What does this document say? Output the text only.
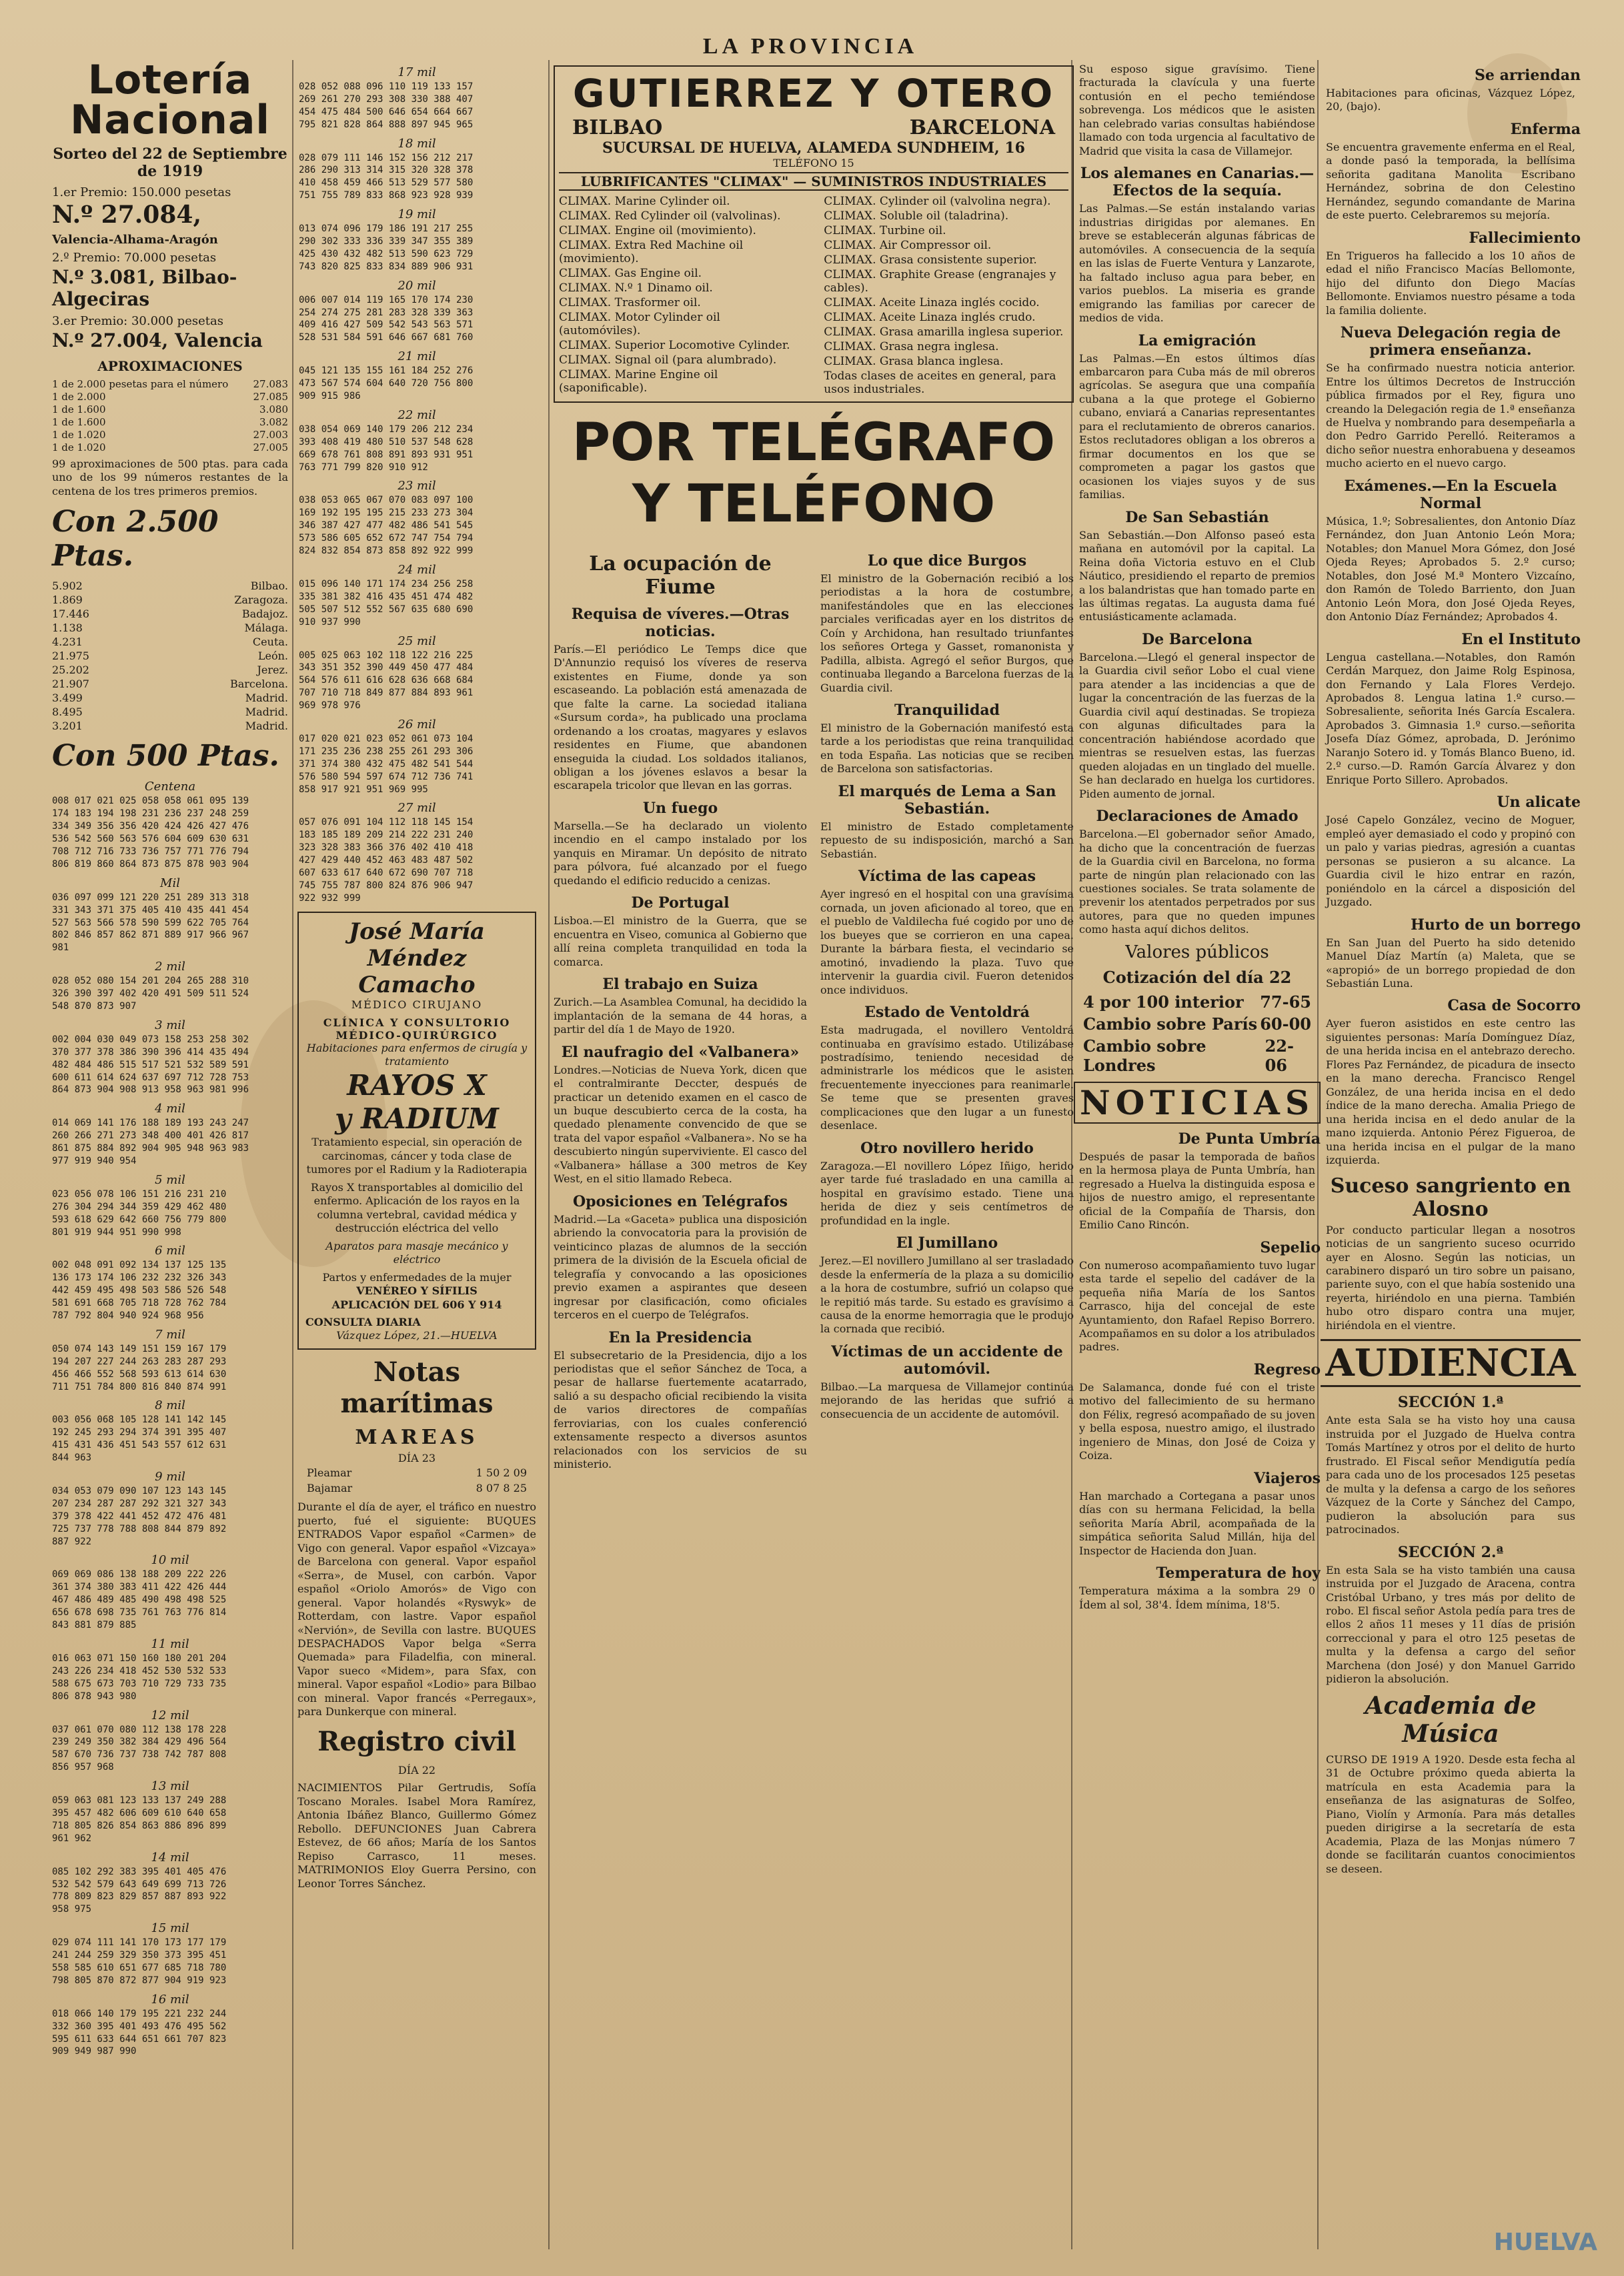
LA PROVINCIA
Lotería Nacional
Sorteo del 22 de Septiembre de 1919
1.er Premio: 150.000 pesetas
N.º 27.084,
Valencia-Alhama-Aragón
2.º Premio: 70.000 pesetas
N.º 3.081, Bilbao-Algeciras
3.er Premio: 30.000 pesetas
N.º 27.004, Valencia
APROXIMACIONES
1 de 2.000 pesetas para el número 27.083
1 de 2.000	27.085
1 de 1.600	3.080
1 de 1.600	3.082
1 de 1.020	27.003
1 de 1.020	27.005
99 aproximaciones de 500 ptas. para cada uno de los 99 números restantes de la centena de los tres primeros premios.
Con 2.500 Ptas.
5.902	Bilbao.
1.869	Zaragoza.
17.446	Badajoz.
1.138	Málaga.
4.231	Ceuta.
21.975	León.
25.202	Jerez.
21.907	Barcelona.
3.499	Madrid.
8.495	Madrid.
3.201	Madrid.
Con 500 Ptas.
Centena
008 017 021 025 058 058 061 095 139
174 183 194 198 231 236 237 248 259
334 349 356 356 420 424 426 427 476
536 542 560 563 576 604 609 630 631
708 712 716 733 736 757 771 776 794
806 819 860 864 873 875 878 903 904
Mil
036 097 099 121 220 251 289 313 318
331 343 371 375 405 410 435 441 454
527 563 566 578 590 599 622 705 764
802 846 857 862 871 889 917 966 967
981
2 mil
028 052 080 154 201 204 265 288 310
326 390 397 402 420 491 509 511 524
548 870 873 907
3 mil
002 004 030 049 073 158 253 258 302
370 377 378 386 390 396 414 435 494
482 484 486 515 517 521 532 589 591
600 611 614 624 637 697 712 728 753
864 873 904 908 913 958 963 981 996
4 mil
014 069 141 176 188 189 193 243 247
260 266 271 273 348 400 401 426 817
861 875 884 892 904 905 948 963 983
977 919 940 954
5 mil
023 056 078 106 151 216 231 210
276 304 294 344 359 429 462 480
593 618 629 642 660 756 779 800
801 919 944 951 990 998
6 mil
002 048 091 092 134 137 125 135
136 173 174 106 232 232 326 343
442 459 495 498 503 586 526 548
581 691 668 705 718 728 762 784
787 792 804 940 924 968 956
7 mil
050 074 143 149 151 159 167 179
194 207 227 244 263 283 287 293
456 466 552 568 593 613 614 630
711 751 784 800 816 840 874 991
8 mil
003 056 068 105 128 141 142 145
192 245 293 294 374 391 395 407
415 431 436 451 543 557 612 631
844 963
9 mil
034 053 079 090 107 123 143 145
207 234 287 287 292 321 327 343
379 378 422 441 452 472 476 481
725 737 778 788 808 844 879 892
887 922
10 mil
069 069 086 138 188 209 222 226
361 374 380 383 411 422 426 444
467 486 489 485 490 498 498 525
656 678 698 735 761 763 776 814
843 881 879 885
11 mil
016 063 071 150 160 180 201 204
243 226 234 418 452 530 532 533
588 675 673 703 710 729 733 735
806 878 943 980
12 mil
037 061 070 080 112 138 178 228
239 249 350 382 384 429 496 564
587 670 736 737 738 742 787 808
856 957 968
13 mil
059 063 081 123 133 137 249 288
395 457 482 606 609 610 640 658
718 805 826 854 863 886 896 899
961 962
14 mil
085 102 292 383 395 401 405 476
532 542 579 643 649 699 713 726
778 809 823 829 857 887 893 922
958 975
15 mil
029 074 111 141 170 173 177 179
241 244 259 329 350 373 395 451
558 585 610 651 677 685 718 780
798 805 870 872 877 904 919 923
16 mil
018 066 140 179 195 221 232 244
332 360 395 401 493 476 495 562
595 611 633 644 651 661 707 823
909 949 987 990
17 mil
028 052 088 096 110 119 133 157
269 261 270 293 308 330 388 407
454 475 484 500 646 654 664 667
795 821 828 864 888 897 945 965
18 mil
028 079 111 146 152 156 212 217
286 290 313 314 315 320 328 378
410 458 459 466 513 529 577 580
751 755 789 833 868 923 928 939
19 mil
013 074 096 179 186 191 217 255
290 302 333 336 339 347 355 389
425 430 432 482 513 590 623 729
743 820 825 833 834 889 906 931
20 mil
006 007 014 119 165 170 174 230
254 274 275 281 283 328 339 363
409 416 427 509 542 543 563 571
528 531 584 591 646 667 681 760
21 mil
045 121 135 155 161 184 252 276
473 567 574 604 640 720 756 800
909 915 986
22 mil
038 054 069 140 179 206 212 234
393 408 419 480 510 537 548 628
669 678 761 808 891 893 931 951
763 771 799 820 910 912
23 mil
038 053 065 067 070 083 097 100
169 192 195 195 215 233 273 304
346 387 427 477 482 486 541 545
573 586 605 652 672 747 754 794
824 832 854 873 858 892 922 999
24 mil
015 096 140 171 174 234 256 258
335 381 382 416 435 451 474 482
505 507 512 552 567 635 680 690
910 937 990
25 mil
005 025 063 102 118 122 216 225
343 351 352 390 449 450 477 484
564 576 611 616 628 636 668 684
707 710 718 849 877 884 893 961
969 978 976
26 mil
017 020 021 023 052 061 073 104
171 235 236 238 255 261 293 306
371 374 380 432 475 482 541 544
576 580 594 597 674 712 736 741
858 917 921 951 969 995
27 mil
057 076 091 104 112 118 145 154
183 185 189 209 214 222 231 240
323 328 383 366 376 402 410 418
427 429 440 452 463 483 487 502
607 633 617 640 672 690 707 718
745 755 787 800 824 876 906 947
922 932 999
José María Méndez Camacho
MÉDICO CIRUJANO
CLÍNICA Y CONSULTORIO MÉDICO-QUIRÚRGICO
Habitaciones para enfermos de cirugía y tratamiento
RAYOS X
y RADIUM
Tratamiento especial, sin operación de carcinomas, cáncer y toda clase de tumores por el Radium y la Radioterapia
Rayos X transportables al domicilio del enfermo. Aplicación de los rayos en la columna vertebral, cavidad médica y destrucción eléctrica del vello
Aparatos para masaje mecánico y eléctrico
Partos y enfermedades de la mujer
VENÉREO Y SÍFILIS
APLICACIÓN DEL 606 Y 914
CONSULTA DIARIA
Vázquez López, 21.—HUELVA
Notas marítimas
MAREAS
DÍA 23
Pleamar	1 50 2 09
Bajamar	8 07 8 25
Durante el día de ayer, el tráfico en nuestro puerto, fué el siguiente: BUQUES ENTRADOS Vapor español «Carmen» de Vigo con general. Vapor español «Vizcaya» de Barcelona con general. Vapor español «Serra», de Musel, con carbón. Vapor español «Oriolo Amorós» de Vigo con general. Vapor holandés «Ryswyk» de Rotterdam, con lastre. Vapor español «Nervión», de Sevilla con lastre. BUQUES DESPACHADOS Vapor belga «Serra Quemada» para Filadelfia, con mineral. Vapor sueco «Midem», para Sfax, con mineral. Vapor español «Lodio» para Bilbao con mineral. Vapor francés «Perregaux», para Dunkerque con mineral.
Registro civil
DÍA 22
NACIMIENTOS Pilar Gertrudis, Sofía Toscano Morales. Isabel Mora Ramírez, Antonia Ibáñez Blanco, Guillermo Gómez Rebollo. DEFUNCIONES Juan Cabrera Estevez, de 66 años; María de los Santos Repiso Carrasco, 11 meses. MATRIMONIOS Eloy Guerra Persino, con Leonor Torres Sánchez.
GUTIERREZ Y OTERO
BILBAO	BARCELONA
SUCURSAL DE HUELVA, ALAMEDA SUNDHEIM, 16
TELÉFONO 15
LUBRIFICANTES "CLIMAX" — SUMINISTROS INDUSTRIALES
CLIMAX. Marine Cylinder oil.
CLIMAX. Red Cylinder oil (valvolinas).
CLIMAX. Engine oil (movimiento).
CLIMAX. Extra Red Machine oil (movimiento).
CLIMAX. Gas Engine oil.
CLIMAX. N.º 1 Dinamo oil.
CLIMAX. Trasformer oil.
CLIMAX. Motor Cylinder oil (automóviles).
CLIMAX. Superior Locomotive Cylinder.
CLIMAX. Signal oil (para alumbrado).
CLIMAX. Marine Engine oil (saponificable).
CLIMAX. Cylinder oil (valvolina negra).
CLIMAX. Soluble oil (taladrina).
CLIMAX. Turbine oil.
CLIMAX. Air Compressor oil.
CLIMAX. Grasa consistente superior.
CLIMAX. Graphite Grease (engranajes y cables).
CLIMAX. Aceite Linaza inglés cocido.
CLIMAX. Aceite Linaza inglés crudo.
CLIMAX. Grasa amarilla inglesa superior.
CLIMAX. Grasa negra inglesa.
CLIMAX. Grasa blanca inglesa.
Todas clases de aceites en general, para usos industriales.
POR TELÉGRAFO
Y TELÉFONO
La ocupación de Fiume
Requisa de víveres.—Otras noticias.
París.—El periódico Le Temps dice que D'Annunzio requisó los víveres de reserva existentes en Fiume, donde ya son escaseando. La población está amenazada de que falte la carne. La sociedad italiana «Sursum corda», ha publicado una proclama ordenando a los croatas, magyares y eslavos residentes en Fiume, que abandonen enseguida la ciudad. Los soldados italianos, obligan a los jóvenes eslavos a besar la escarapela tricolor que llevan en las gorras.
Un fuego
Marsella.—Se ha declarado un violento incendio en el campo instalado por los yanquis en Miramar. Un depósito de nitrato para pólvora, fué alcanzado por el fuego quedando el edificio reducido a cenizas.
De Portugal
Lisboa.—El ministro de la Guerra, que se encuentra en Viseo, comunica al Gobierno que allí reina completa tranquilidad en toda la comarca.
El trabajo en Suiza
Zurich.—La Asamblea Comunal, ha decidido la implantación de la semana de 44 horas, a partir del día 1 de Mayo de 1920.
El naufragio del «Valbanera»
Londres.—Noticias de Nueva York, dicen que el contralmirante Deccter, después de practicar un detenido examen en el casco de un buque descubierto cerca de la costa, ha quedado plenamente convencido de que se trata del vapor español «Valbanera». No se ha descubierto ningún superviviente. El casco del «Valbanera» hállase a 300 metros de Key West, en el sitio llamado Rebeca.
Oposiciones en Telégrafos
Madrid.—La «Gaceta» publica una disposición abriendo la convocatoria para la provisión de veinticinco plazas de alumnos de la sección primera de la división de la Escuela oficial de telegrafía y convocando a las oposiciones previo examen a aspirantes que deseen ingresar por clasificación, como oficiales terceros en el cuerpo de Telégrafos.
En la Presidencia
El subsecretario de la Presidencia, dijo a los periodistas que el señor Sánchez de Toca, a pesar de hallarse fuertemente acatarrado, salió a su despacho oficial recibiendo la visita de varios directores de compañías ferroviarias, con los cuales conferenció extensamente respecto a diversos asuntos relacionados con los servicios de su ministerio.
Lo que dice Burgos
El ministro de la Gobernación recibió a los periodistas a la hora de costumbre, manifestándoles que en las elecciones parciales verificadas ayer en los distritos de Coín y Archidona, han resultado triunfantes los señores Ortega y Gasset, romanonista y Padilla, albista. Agregó el señor Burgos, que continuaba llegando a Barcelona fuerzas de la Guardia civil.
Tranquilidad
El ministro de la Gobernación manifestó esta tarde a los periodistas que reina tranquilidad en toda España. Las noticias que se reciben de Barcelona son satisfactorias.
El marqués de Lema a San Sebastián.
El ministro de Estado completamente repuesto de su indisposición, marchó a San Sebastián.
Víctima de las capeas
Ayer ingresó en el hospital con una gravísima cornada, un joven aficionado al toreo, que en el pueblo de Valdilecha fué cogido por uno de los bueyes que se corrieron en una capea. Durante la bárbara fiesta, el vecindario se amotinó, invadiendo la plaza. Tuvo que intervenir la guardia civil. Fueron detenidos once individuos.
Estado de Ventoldrá
Esta madrugada, el novillero Ventoldrá continuaba en gravísimo estado. Utilizábase postradísimo, teniendo necesidad de administrarle los médicos que le asisten frecuentemente inyecciones para reanimarle. Se teme que se presenten graves complicaciones que den lugar a un funesto desenlace.
Otro novillero herido
Zaragoza.—El novillero López Iñigo, herido ayer tarde fué trasladado en una camilla al hospital en gravísimo estado. Tiene una herida de diez y seis centímetros de profundidad en la ingle.
El Jumillano
Jerez.—El novillero Jumillano al ser trasladado desde la enfermería de la plaza a su domicilio a la hora de costumbre, sufrió un colapso que le repitió más tarde. Su estado es gravísimo a causa de la enorme hemorragia que le produjo la cornada que recibió.
Víctimas de un accidente de automóvil.
Bilbao.—La marquesa de Villamejor continúa mejorando de las heridas que sufrió a consecuencia de un accidente de automóvil.
Su esposo sigue gravísimo. Tiene fracturada la clavícula y una fuerte contusión en el pecho temiéndose sobrevenga. Los médicos que le asisten han celebrado varias consultas habiéndose llamado con toda urgencia al facultativo de Madrid que visita la casa de Villamejor.
Los alemanes en Canarias.—Efectos de la sequía.
Las Palmas.—Se están instalando varias industrias dirigidas por alemanes. En breve se establecerán algunas fábricas de automóviles. A consecuencia de la sequía en las islas de Fuerte Ventura y Lanzarote, ha faltado incluso agua para beber, en varios pueblos. La miseria es grande emigrando las familias por carecer de medios de vida.
La emigración
Las Palmas.—En estos últimos días embarcaron para Cuba más de mil obreros agrícolas. Se asegura que una compañía cubana a la que protege el Gobierno cubano, enviará a Canarias representantes para el reclutamiento de obreros canarios. Estos reclutadores obligan a los obreros a firmar documentos en los que se comprometen a pagar los gastos que ocasionen los viajes suyos y de sus familias.
De San Sebastián
San Sebastián.—Don Alfonso paseó esta mañana en automóvil por la capital. La Reina doña Victoria estuvo en el Club Náutico, presidiendo el reparto de premios a los balandristas que han tomado parte en las últimas regatas. La augusta dama fué entusiásticamente aclamada.
De Barcelona
Barcelona.—Llegó el general inspector de la Guardia civil señor Lobo el cual viene para atender a las incidencias a que de lugar la concentración de las fuerzas de la Guardia civil aquí destinadas. Se tropieza con algunas dificultades para la concentración habiéndose acordado que mientras se resuelven estas, las fuerzas queden alojadas en un tinglado del muelle. Se han declarado en huelga los curtidores. Piden aumento de jornal.
Declaraciones de Amado
Barcelona.—El gobernador señor Amado, ha dicho que la concentración de fuerzas de la Guardia civil en Barcelona, no forma parte de ningún plan relacionado con las cuestiones sociales. Se trata solamente de prevenir los atentados perpetrados por sus autores, para que no queden impunes como hasta aquí dichos delitos.
Valores públicos
Cotización del día 22
4 por 100 interior 77-65
Cambio sobre París 60-00
Cambio sobre Londres
22-06
NOTICIAS
De Punta Umbría
Después de pasar la temporada de baños en la hermosa playa de Punta Umbría, han regresado a Huelva la distinguida esposa e hijos de nuestro amigo, el representante oficial de la Compañía de Tharsis, don Emilio Cano Rincón.
Sepelio
Con numeroso acompañamiento tuvo lugar esta tarde el sepelio del cadáver de la pequeña niña María de los Santos Carrasco, hija del concejal de este Ayuntamiento, don Rafael Repiso Borrero. Acompañamos en su dolor a los atribulados padres.
Regreso
De Salamanca, donde fué con el triste motivo del fallecimiento de su hermano don Félix, regresó acompañado de su joven y bella esposa, nuestro amigo, el ilustrado ingeniero de Minas, don José de Coiza y Coiza.
Viajeros
Han marchado a Cortegana a pasar unos días con su hermana Felicidad, la bella señorita María Abril, acompañada de la simpática señorita Salud Millán, hija del Inspector de Hacienda don Juan.
Temperatura de hoy
Temperatura máxima a la sombra 29 0 Ídem al sol, 38'4. Ídem mínima, 18'5.
Se arriendan
Habitaciones para oficinas, Vázquez López, 20, (bajo).
Enferma
Se encuentra gravemente enferma en el Real, a donde pasó la temporada, la bellísima señorita gaditana Manolita Escribano Hernández, sobrina de don Celestino Hernández, segundo comandante de Marina de este puerto. Celebraremos su mejoría.
Fallecimiento
En Trigueros ha fallecido a los 10 años de edad el niño Francisco Macías Bellomonte, hijo del difunto don Diego Macías Bellomonte. Enviamos nuestro pésame a toda la familia doliente.
Nueva Delegación regia de primera enseñanza.
Se ha confirmado nuestra noticia anterior. Entre los últimos Decretos de Instrucción pública firmados por el Rey, figura uno creando la Delegación regia de 1.ª enseñanza de Huelva y nombrando para desempeñarla a don Pedro Garrido Perelló. Reiteramos a dicho señor nuestra enhorabuena y deseamos mucho acierto en el nuevo cargo.
Exámenes.—En la Escuela Normal
Música, 1.º; Sobresalientes, don Antonio Díaz Fernández, don Juan Antonio León Mora; Notables; don Manuel Mora Gómez, don José Ojeda Reyes; Aprobados 5. 2.º curso; Notables, don José M.ª Montero Vizcaíno, don Ramón de Toledo Barriento, don Juan Antonio León Mora, don José Ojeda Reyes, don Antonio Díaz Fernández; Aprobados 4.
En el Instituto
Lengua castellana.—Notables, don Ramón Cerdán Marquez, don Jaime Rolg Espinosa, don Fernando y Lala Flores Verdejo. Aprobados 8. Lengua latina 1.º curso.—Sobresaliente, señorita Inés García Escalera. Aprobados 3. Gimnasia 1.º curso.—señorita Josefa Díaz Gómez, aprobada, D. Jerónimo Naranjo Sotero id. y Tomás Blanco Bueno, id. 2.º curso.—D. Ramón García Álvarez y don Enrique Porto Sillero. Aprobados.
Un alicate
José Capelo González, vecino de Moguer, empleó ayer demasiado el codo y propinó con un palo y varias piedras, agresión a cuantas personas se pusieron a su alcance. La Guardia civil le hizo entrar en razón, poniéndolo en la cárcel a disposición del Juzgado.
Hurto de un borrego
En San Juan del Puerto ha sido detenido Manuel Díaz Martín (a) Maleta, que se «apropió» de un borrego propiedad de don Sebastián Luna.
Casa de Socorro
Ayer fueron asistidos en este centro las siguientes personas: María Domínguez Díaz, de una herida incisa en el antebrazo derecho. Flores Paz Fernández, de picadura de insecto en la mano derecha. Francisco Rengel González, de una herida incisa en el dedo índice de la mano derecha. Amalia Priego de una herida incisa en el dedo anular de la mano izquierda. Antonio Pérez Figueroa, de una herida incisa en el pulgar de la mano izquierda.
Suceso sangriento en Alosno
Por conducto particular llegan a nosotros noticias de un sangriento suceso ocurrido ayer en Alosno. Según las noticias, un carabinero disparó un tiro sobre un paisano, pariente suyo, con el que había sostenido una reyerta, hiriéndolo en una pierna. También hubo otro disparo contra una mujer, hiriéndola en el vientre.
AUDIENCIA
SECCIÓN 1.ª
Ante esta Sala se ha visto hoy una causa instruida por el Juzgado de Huelva contra Tomás Martínez y otros por el delito de hurto frustrado. El Fiscal señor Mendigutía pedía para cada uno de los procesados 125 pesetas de multa y la defensa a cargo de los señores Vázquez de la Corte y Sánchez del Campo, pudieron la absolución para sus patrocinados.
SECCIÓN 2.ª
En esta Sala se ha visto también una causa instruida por el Juzgado de Aracena, contra Cristóbal Urbano, y tres más por delito de robo. El fiscal señor Astola pedía para tres de ellos 2 años 11 meses y 11 días de prisión correccional y para el otro 125 pesetas de multa y la defensa a cargo del señor Marchena (don José) y don Manuel Garrido pidieron la absolución.
Academia de Música
CURSO DE 1919 A 1920. Desde esta fecha al 31 de Octubre próximo queda abierta la matrícula en esta Academia para la enseñanza de las asignaturas de Solfeo, Piano, Violín y Armonía. Para más detalles pueden dirigirse a la secretaría de esta Academia, Plaza de las Monjas número 7 donde se facilitarán cuantos conocimientos se deseen.
HUELVA
